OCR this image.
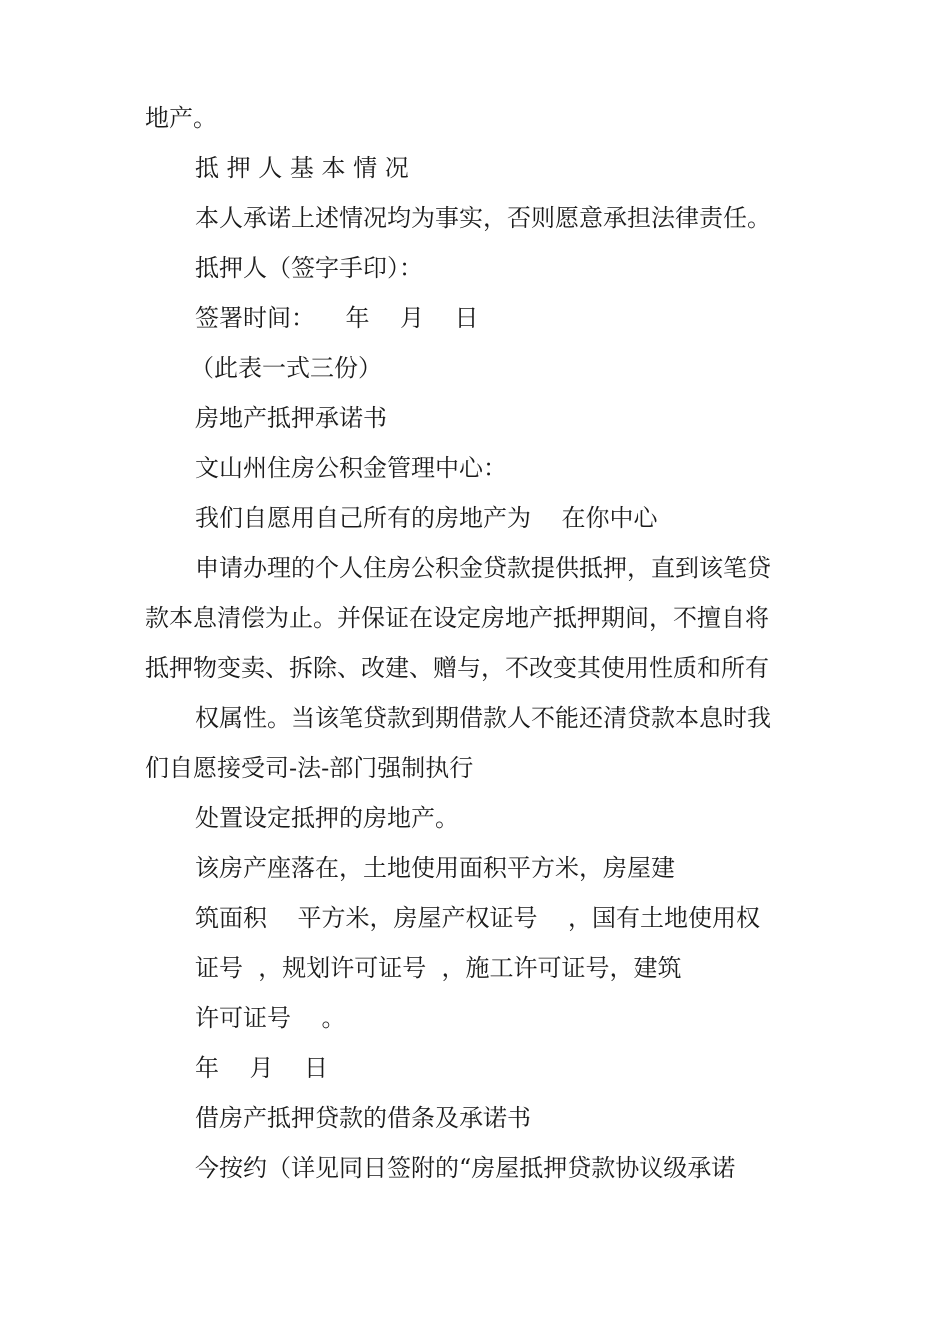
地产。
抵 押 人 基 本 情 况
本人承诺上述情况均为事实，否则愿意承担法律责任。
抵押人（签字手印）：
签署时间：    年    月    日
（此表一式三份）
房地产抵押承诺书
文山州住房公积金管理中心：
我们自愿用自己所有的房地产为    在你中心
申请办理的个人住房公积金贷款提供抵押，直到该笔贷
款本息清偿为止。并保证在设定房地产抵押期间，不擅自将
抵押物变卖、拆除、改建、赠与，不改变其使用性质和所有
权属性。当该笔贷款到期借款人不能还清贷款本息时我
们自愿接受司-法-部门强制执行
处置设定抵押的房地产。
该房产座落在，土地使用面积平方米，房屋建
筑面积    平方米，房屋产权证号    ，国有土地使用权
证号  ，规划许可证号  ，施工许可证号，建筑
许可证号    。
年    月    日
借房产抵押贷款的借条及承诺书
今按约（详见同日签附的“房屋抵押贷款协议级承诺
